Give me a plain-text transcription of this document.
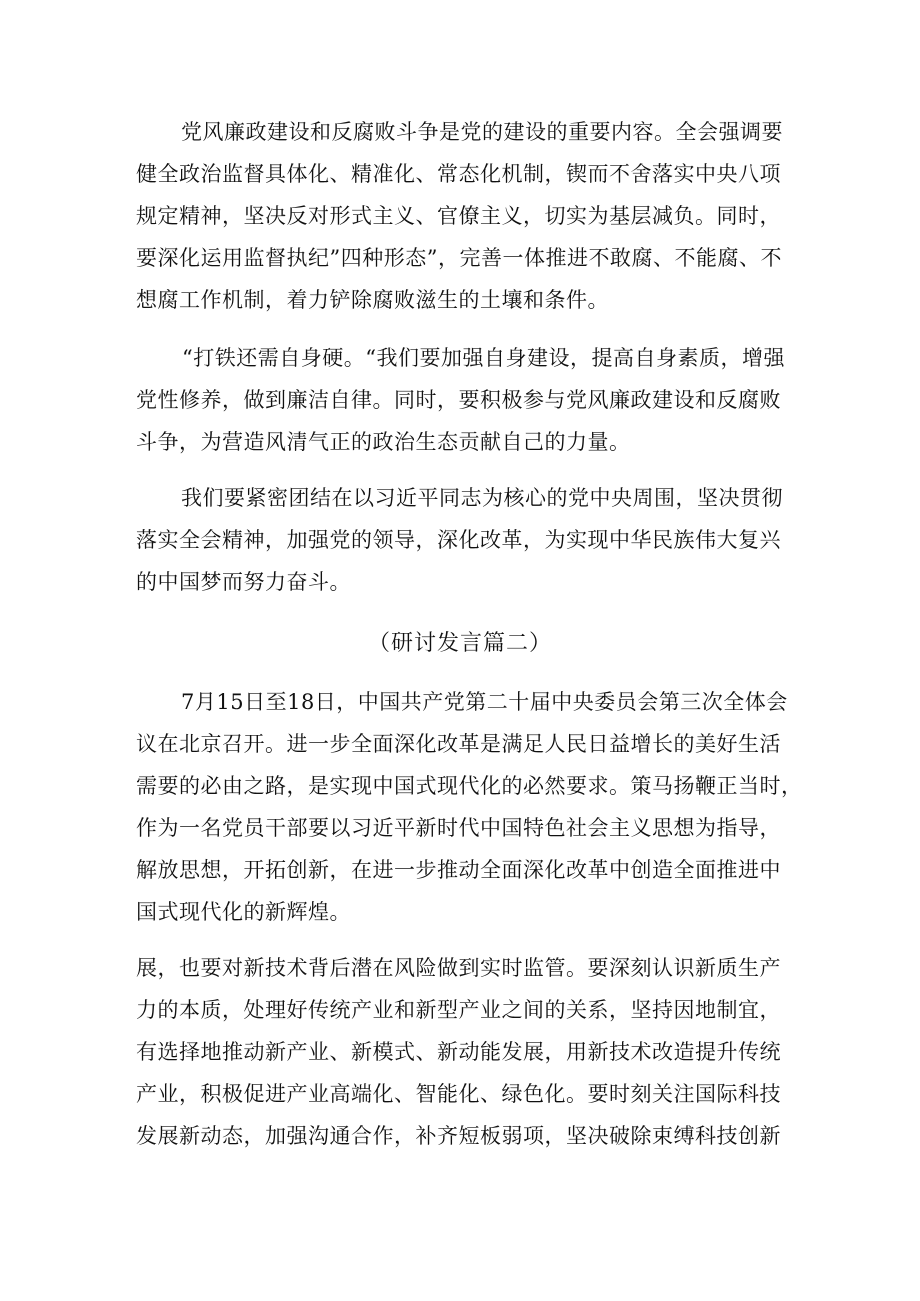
党风廉政建设和反腐败斗争是党的建设的重要内容。全会强调要
健全政治监督具体化、精准化、常态化机制，锲而不舍落实中央八项
规定精神，坚决反对形式主义、官僚主义，切实为基层减负。同时，
要深化运用监督执纪”四种形态”，完善一体推进不敢腐、不能腐、不
想腐工作机制，着力铲除腐败滋生的土壤和条件。
“打铁还需自身硬。“我们要加强自身建设，提高自身素质，增强
党性修养，做到廉洁自律。同时，要积极参与党风廉政建设和反腐败
斗争，为营造风清气正的政治生态贡献自己的力量。
我们要紧密团结在以习近平同志为核心的党中央周围，坚决贯彻
落实全会精神，加强党的领导，深化改革，为实现中华民族伟大复兴
的中国梦而努力奋斗。
（研讨发言篇二）
7月15日至18日，中国共产党第二十届中央委员会第三次全体会
议在北京召开。进一步全面深化改革是满足人民日益增长的美好生活
需要的必由之路，是实现中国式现代化的必然要求。策马扬鞭正当时，
作为一名党员干部要以习近平新时代中国特色社会主义思想为指导，
解放思想，开拓创新，在进一步推动全面深化改革中创造全面推进中
国式现代化的新辉煌。
展，也要对新技术背后潜在风险做到实时监管。要深刻认识新质生产
力的本质，处理好传统产业和新型产业之间的关系，坚持因地制宜，
有选择地推动新产业、新模式、新动能发展，用新技术改造提升传统
产业，积极促进产业高端化、智能化、绿色化。要时刻关注国际科技
发展新动态，加强沟通合作，补齐短板弱项，坚决破除束缚科技创新
